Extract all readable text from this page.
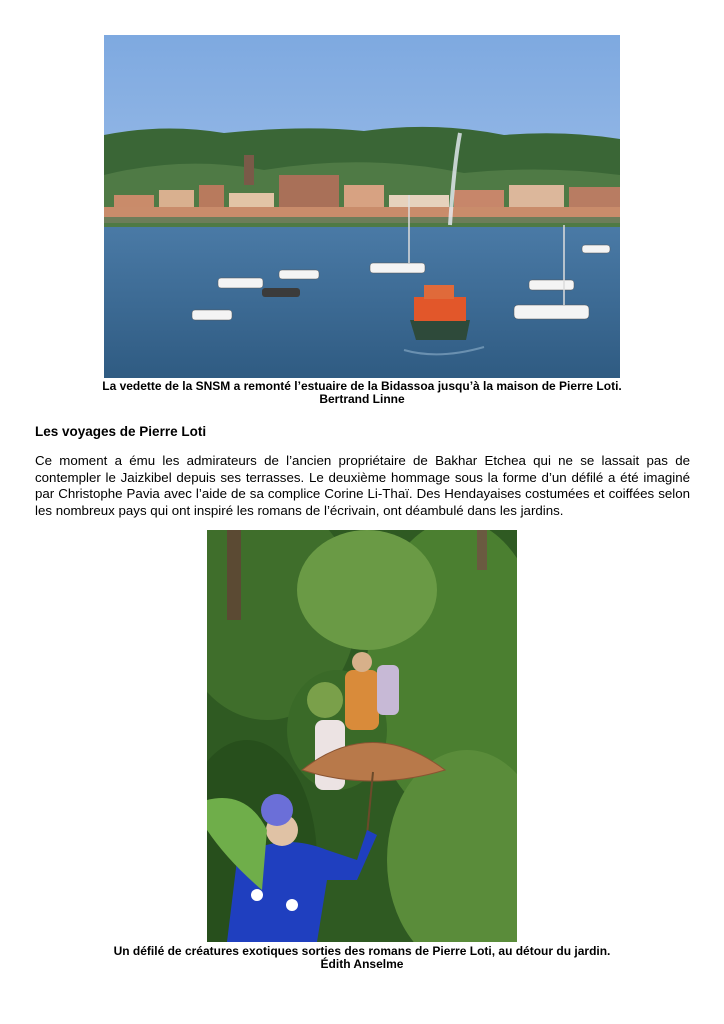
La vedette de la SNSM a remonté l’estuaire de la Bidassoa jusqu’à la maison de Pierre Loti.
Bertrand Linne
Les voyages de Pierre Loti
Ce moment a ému les admirateurs de l’ancien propriétaire de Bakhar Etchea qui ne se lassait pas de contempler le Jaizkibel depuis ses terrasses. Le deuxième hommage sous la forme d’un défilé a été imaginé par Christophe Pavia avec l’aide de sa complice Corine Li-Thaï. Des Hendayaises costumées et coiffées selon les nombreux pays qui ont inspiré les romans de l’écrivain, ont déambulé dans les jardins.
Un défilé de créatures exotiques sorties des romans de Pierre Loti, au détour du jardin.
Édith Anselme
